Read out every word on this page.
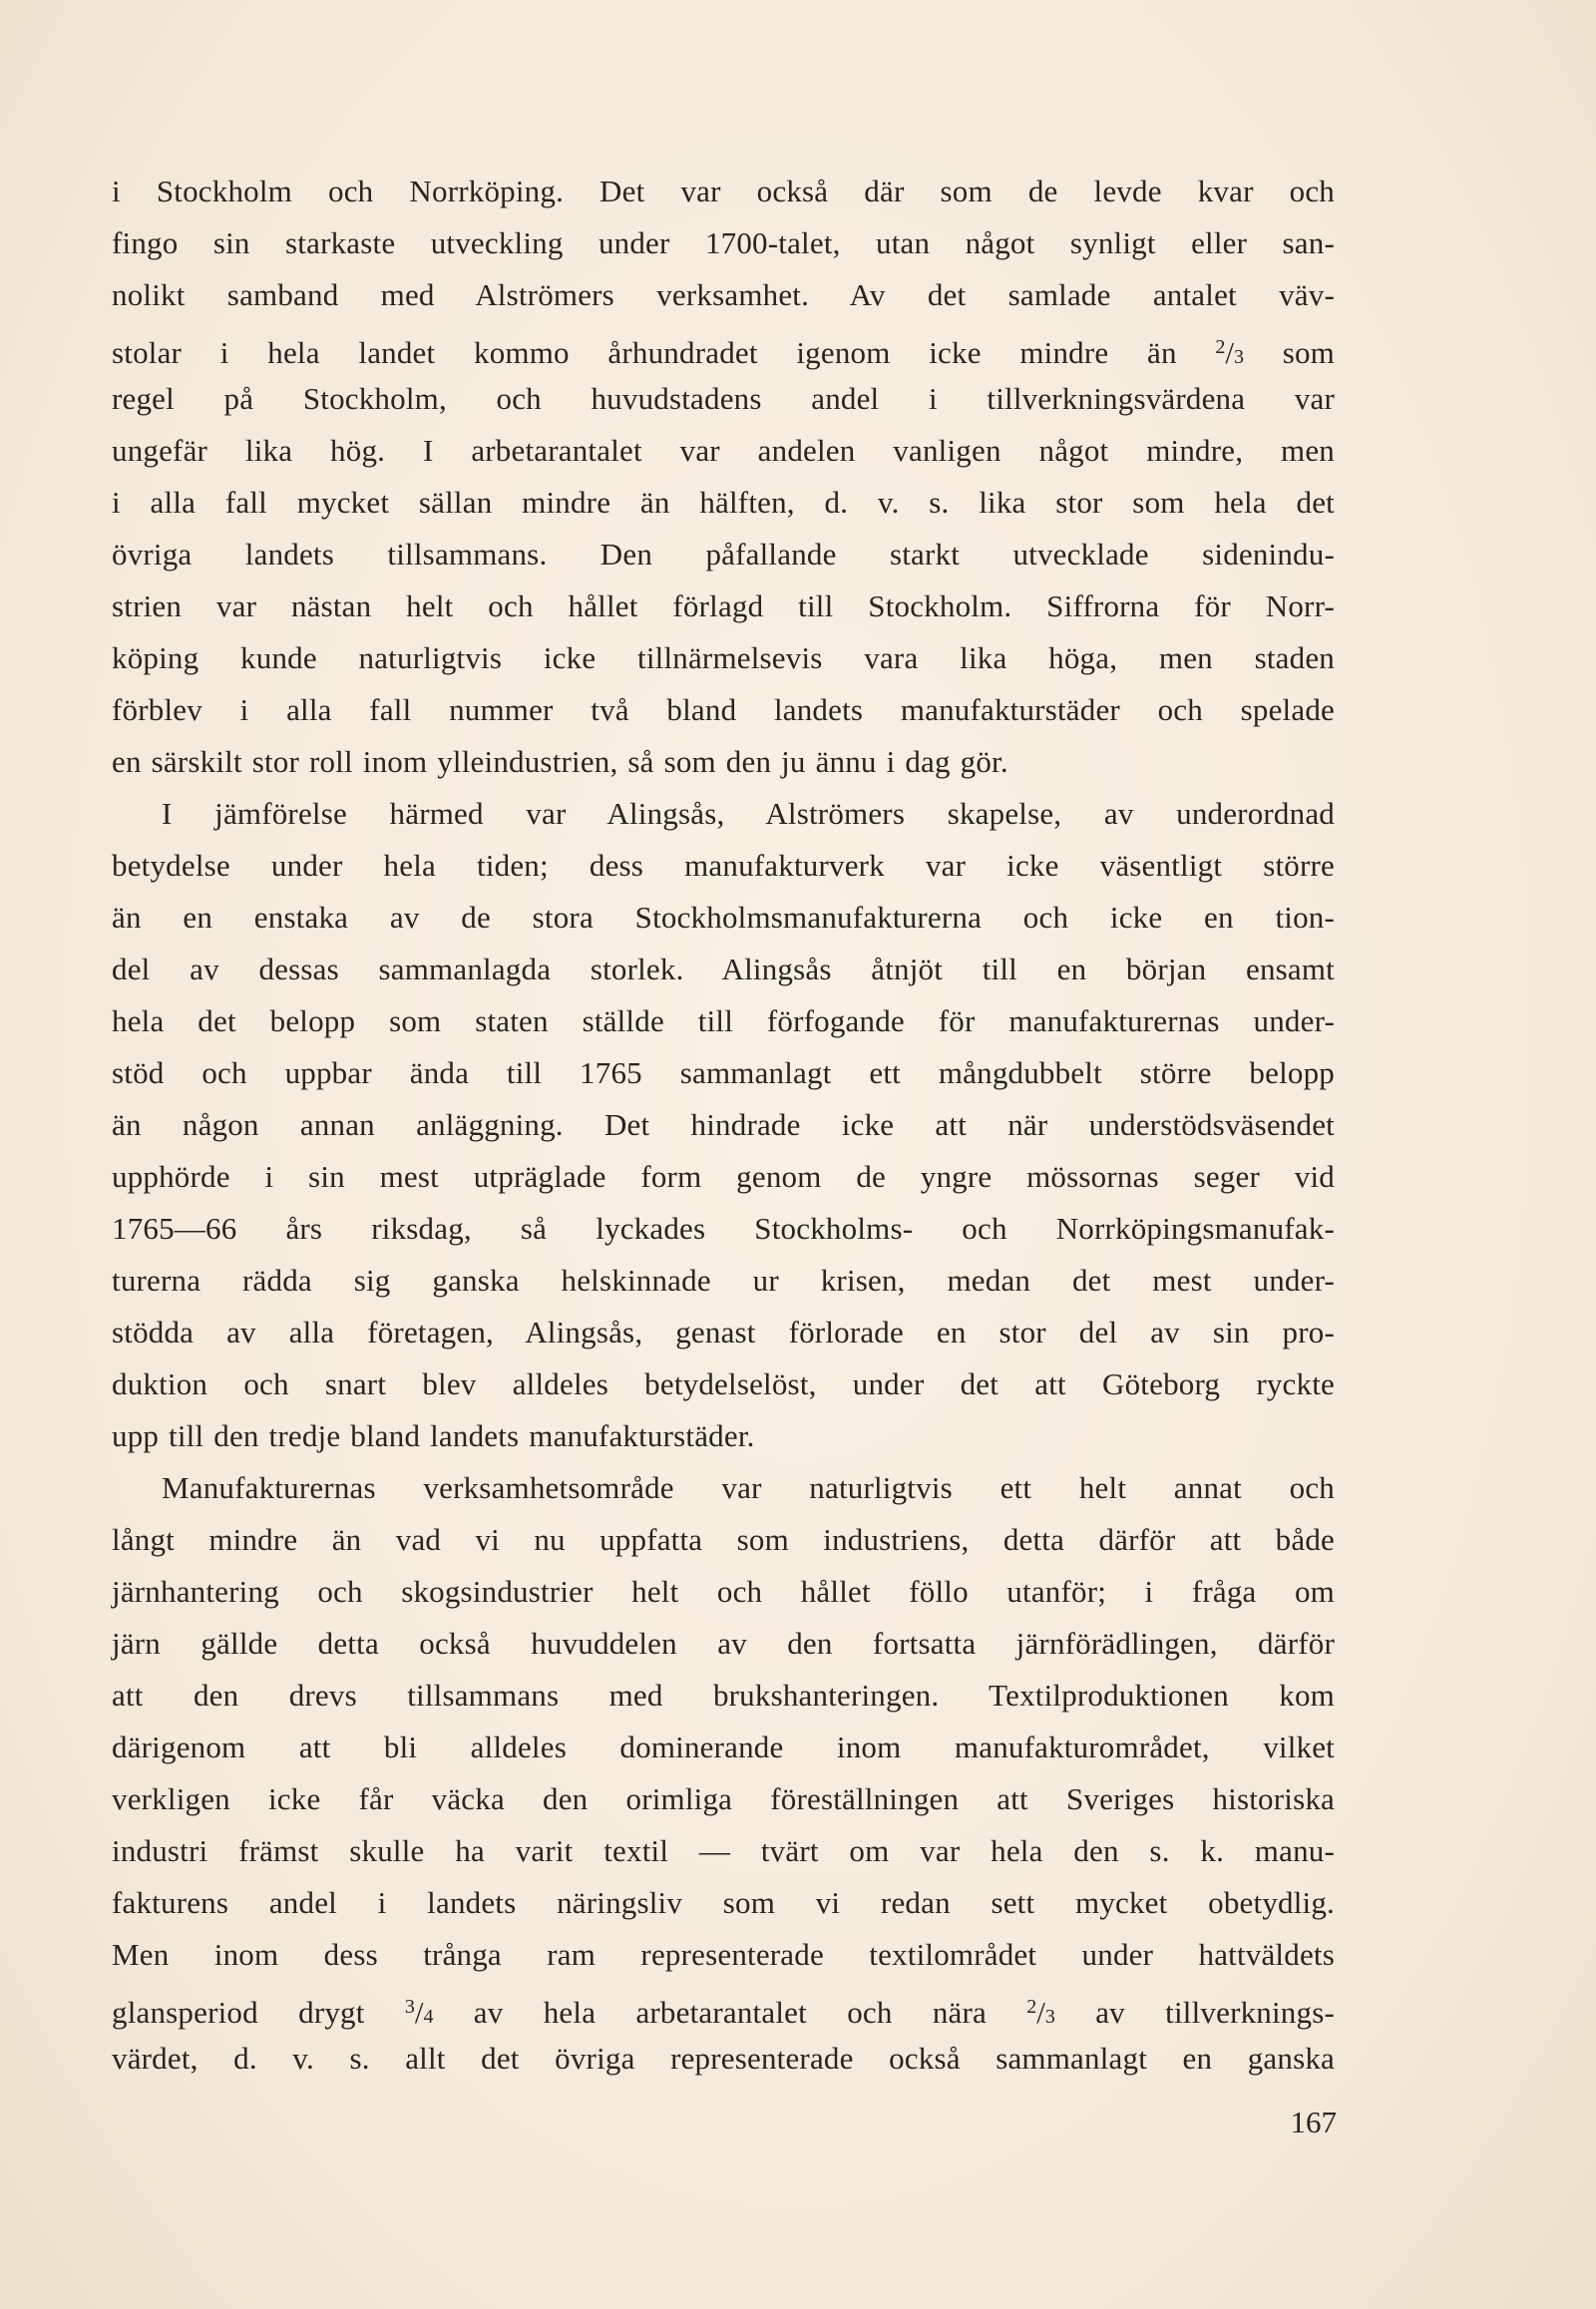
i Stockholm och Norrköping. Det var också där som de levde kvar och
fingo sin starkaste utveckling under 1700-talet, utan något synligt eller san-
nolikt samband med Alströmers verksamhet. Av det samlade antalet väv-
stolar i hela landet kommo århundradet igenom icke mindre än $^2$/3 som
regel på Stockholm, och huvudstadens andel i tillverkningsvärdena var
ungefär lika hög. I arbetarantalet var andelen vanligen något mindre, men
i alla fall mycket sällan mindre än hälften, d. v. s. lika stor som hela det
övriga landets tillsammans. Den påfallande starkt utvecklade sidenindu-
strien var nästan helt och hållet förlagd till Stockholm. Siffrorna för Norr-
köping kunde naturligtvis icke tillnärmelsevis vara lika höga, men staden
förblev i alla fall nummer två bland landets manufakturstäder och spelade
en särskilt stor roll inom ylleindustrien, så som den ju ännu i dag gör.
I jämförelse härmed var Alingsås, Alströmers skapelse, av underordnad
betydelse under hela tiden; dess manufakturverk var icke väsentligt större
än en enstaka av de stora Stockholmsmanufakturerna och icke en tion-
del av dessas sammanlagda storlek. Alingsås åtnjöt till en början ensamt
hela det belopp som staten ställde till förfogande för manufakturernas under-
stöd och uppbar ända till 1765 sammanlagt ett mångdubbelt större belopp
än någon annan anläggning. Det hindrade icke att när understödsväsendet
upphörde i sin mest utpräglade form genom de yngre mössornas seger vid
1765—66 års riksdag, så lyckades Stockholms- och Norrköpingsmanufak-
turerna rädda sig ganska helskinnade ur krisen, medan det mest under-
stödda av alla företagen, Alingsås, genast förlorade en stor del av sin pro-
duktion och snart blev alldeles betydelselöst, under det att Göteborg ryckte
upp till den tredje bland landets manufakturstäder.
Manufakturernas verksamhetsområde var naturligtvis ett helt annat och
långt mindre än vad vi nu uppfatta som industriens, detta därför att både
järnhantering och skogsindustrier helt och hållet föllo utanför; i fråga om
järn gällde detta också huvuddelen av den fortsatta järnförädlingen, därför
att den drevs tillsammans med brukshanteringen. Textilproduktionen kom
därigenom att bli alldeles dominerande inom manufakturområdet, vilket
verkligen icke får väcka den orimliga föreställningen att Sveriges historiska
industri främst skulle ha varit textil — tvärt om var hela den s. k. manu-
fakturens andel i landets näringsliv som vi redan sett mycket obetydlig.
Men inom dess trånga ram representerade textilområdet under hattväldets
glansperiod drygt $^3$/4 av hela arbetarantalet och nära $^2$/3 av tillverknings-
värdet, d. v. s. allt det övriga representerade också sammanlagt en ganska
167
